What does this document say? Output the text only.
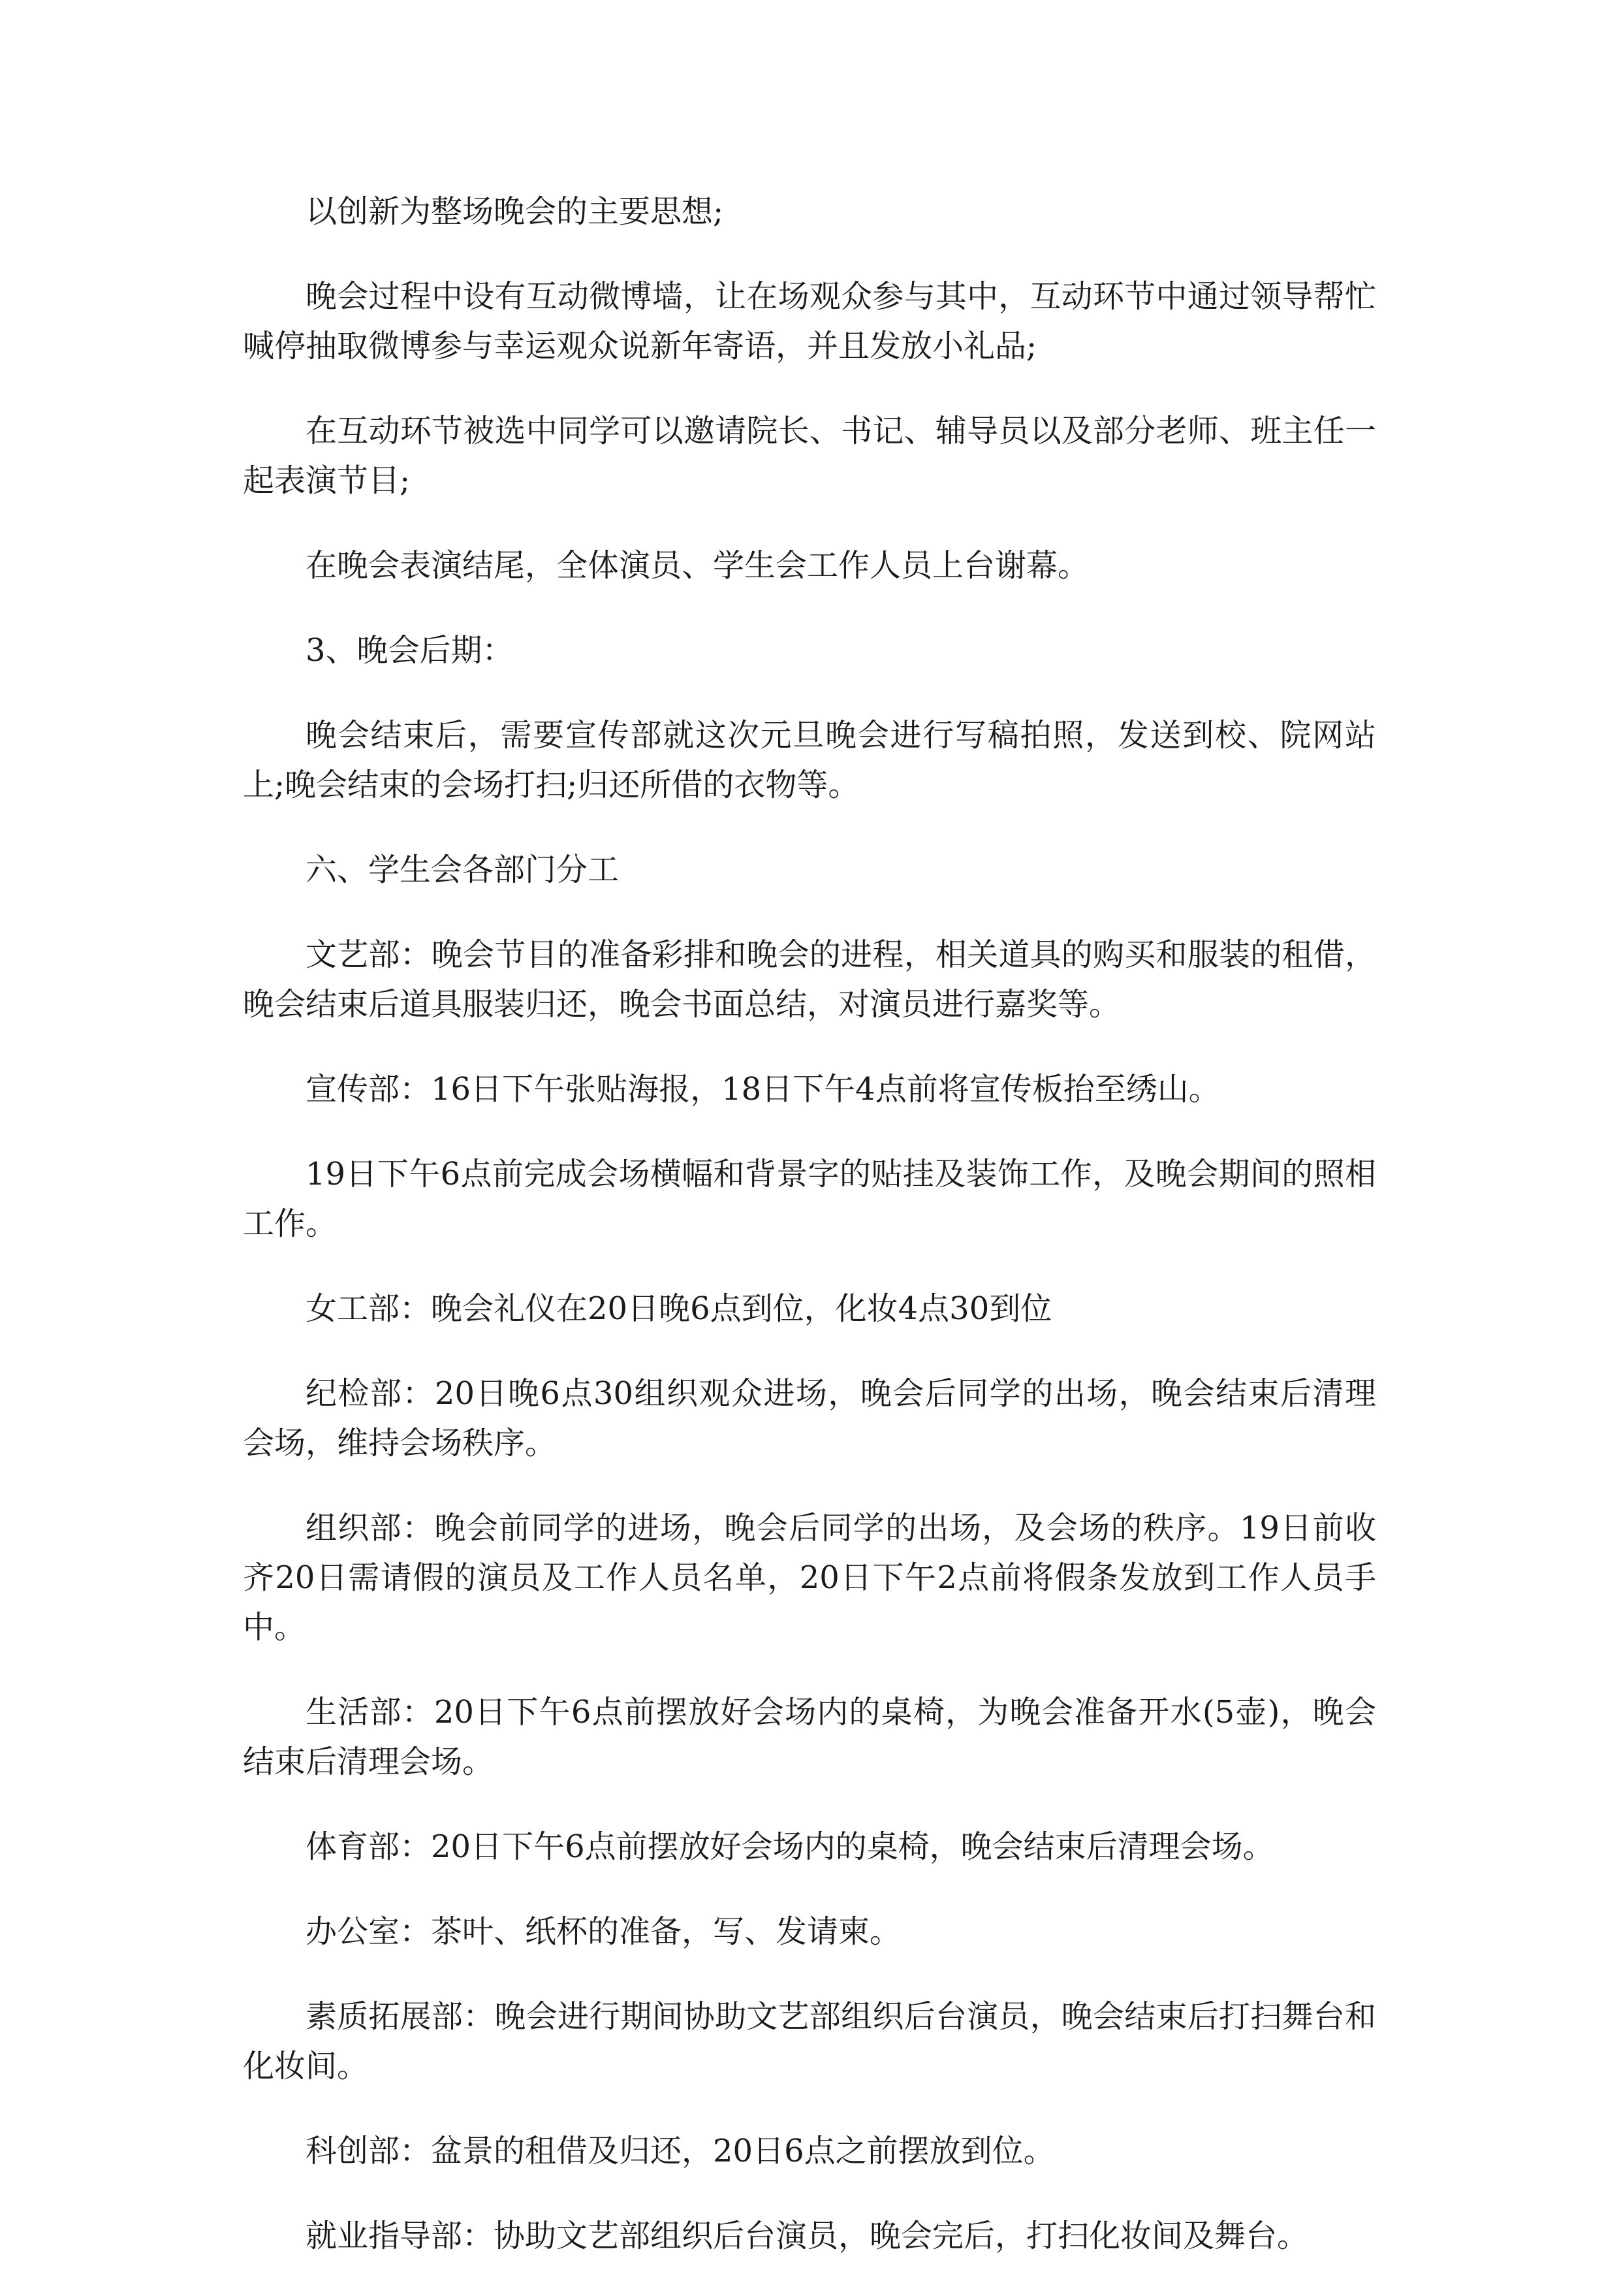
以创新为整场晚会的主要思想;

晚会过程中设有互动微博墙，让在场观众参与其中，互动环节中通过领导帮忙喊停抽取微博参与幸运观众说新年寄语，并且发放小礼品;

在互动环节被选中同学可以邀请院长、书记、辅导员以及部分老师、班主任一起表演节目;

在晚会表演结尾，全体演员、学生会工作人员上台谢幕。

3、晚会后期：

晚会结束后，需要宣传部就这次元旦晚会进行写稿拍照，发送到校、院网站上;晚会结束的会场打扫;归还所借的衣物等。

六、学生会各部门分工

文艺部：晚会节目的准备彩排和晚会的进程，相关道具的购买和服装的租借，晚会结束后道具服装归还，晚会书面总结，对演员进行嘉奖等。

宣传部：16日下午张贴海报，18日下午4点前将宣传板抬至绣山。

19日下午6点前完成会场横幅和背景字的贴挂及装饰工作，及晚会期间的照相工作。

女工部：晚会礼仪在20日晚6点到位，化妆4点30到位

纪检部：20日晚6点30组织观众进场，晚会后同学的出场，晚会结束后清理会场，维持会场秩序。

组织部：晚会前同学的进场，晚会后同学的出场，及会场的秩序。19日前收齐20日需请假的演员及工作人员名单，20日下午2点前将假条发放到工作人员手中。

生活部：20日下午6点前摆放好会场内的桌椅，为晚会准备开水(5壶)，晚会结束后清理会场。

体育部：20日下午6点前摆放好会场内的桌椅，晚会结束后清理会场。

办公室：茶叶、纸杯的准备，写、发请柬。

素质拓展部：晚会进行期间协助文艺部组织后台演员，晚会结束后打扫舞台和化妆间。

科创部：盆景的租借及归还，20日6点之前摆放到位。

就业指导部：协助文艺部组织后台演员，晚会完后，打扫化妆间及舞台。
